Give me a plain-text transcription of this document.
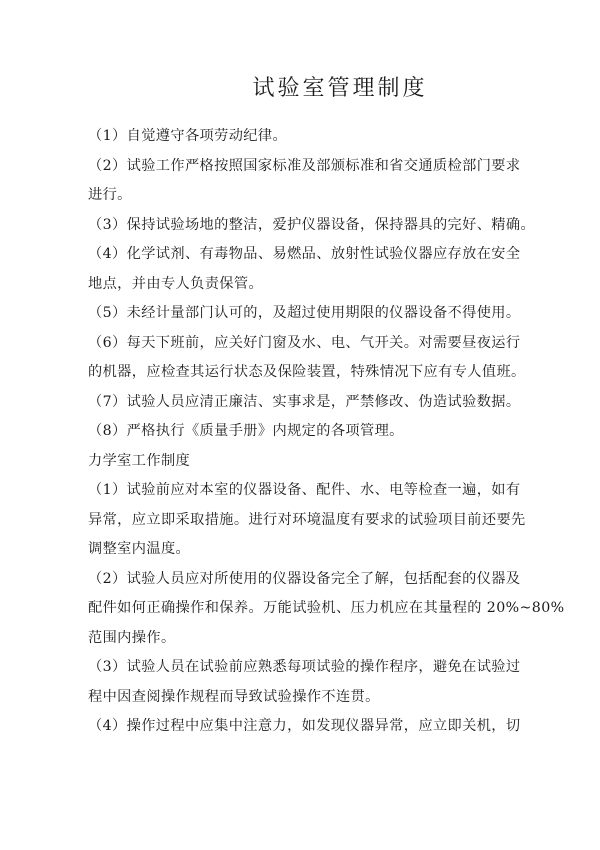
试验室管理制度
（1）自觉遵守各项劳动纪律。
（2）试验工作严格按照国家标准及部颁标准和省交通质检部门要求
进行。
（3）保持试验场地的整洁，爱护仪器设备，保持器具的完好、精确。
（4）化学试剂、有毒物品、易燃品、放射性试验仪器应存放在安全
地点，并由专人负责保管。
（5）未经计量部门认可的，及超过使用期限的仪器设备不得使用。
（6）每天下班前，应关好门窗及水、电、气开关。对需要昼夜运行
的机器，应检查其运行状态及保险装置，特殊情况下应有专人值班。
（7）试验人员应清正廉洁、实事求是，严禁修改、伪造试验数据。
（8）严格执行《质量手册》内规定的各项管理。
力学室工作制度
（1）试验前应对本室的仪器设备、配件、水、电等检查一遍，如有
异常，应立即采取措施。进行对环境温度有要求的试验项目前还要先
调整室内温度。
（2）试验人员应对所使用的仪器设备完全了解，包括配套的仪器及
配件如何正确操作和保养。万能试验机、压力机应在其量程的 20%~80%
范围内操作。
（3）试验人员在试验前应熟悉每项试验的操作程序，避免在试验过
程中因查阅操作规程而导致试验操作不连贯。
（4）操作过程中应集中注意力，如发现仪器异常，应立即关机，切
